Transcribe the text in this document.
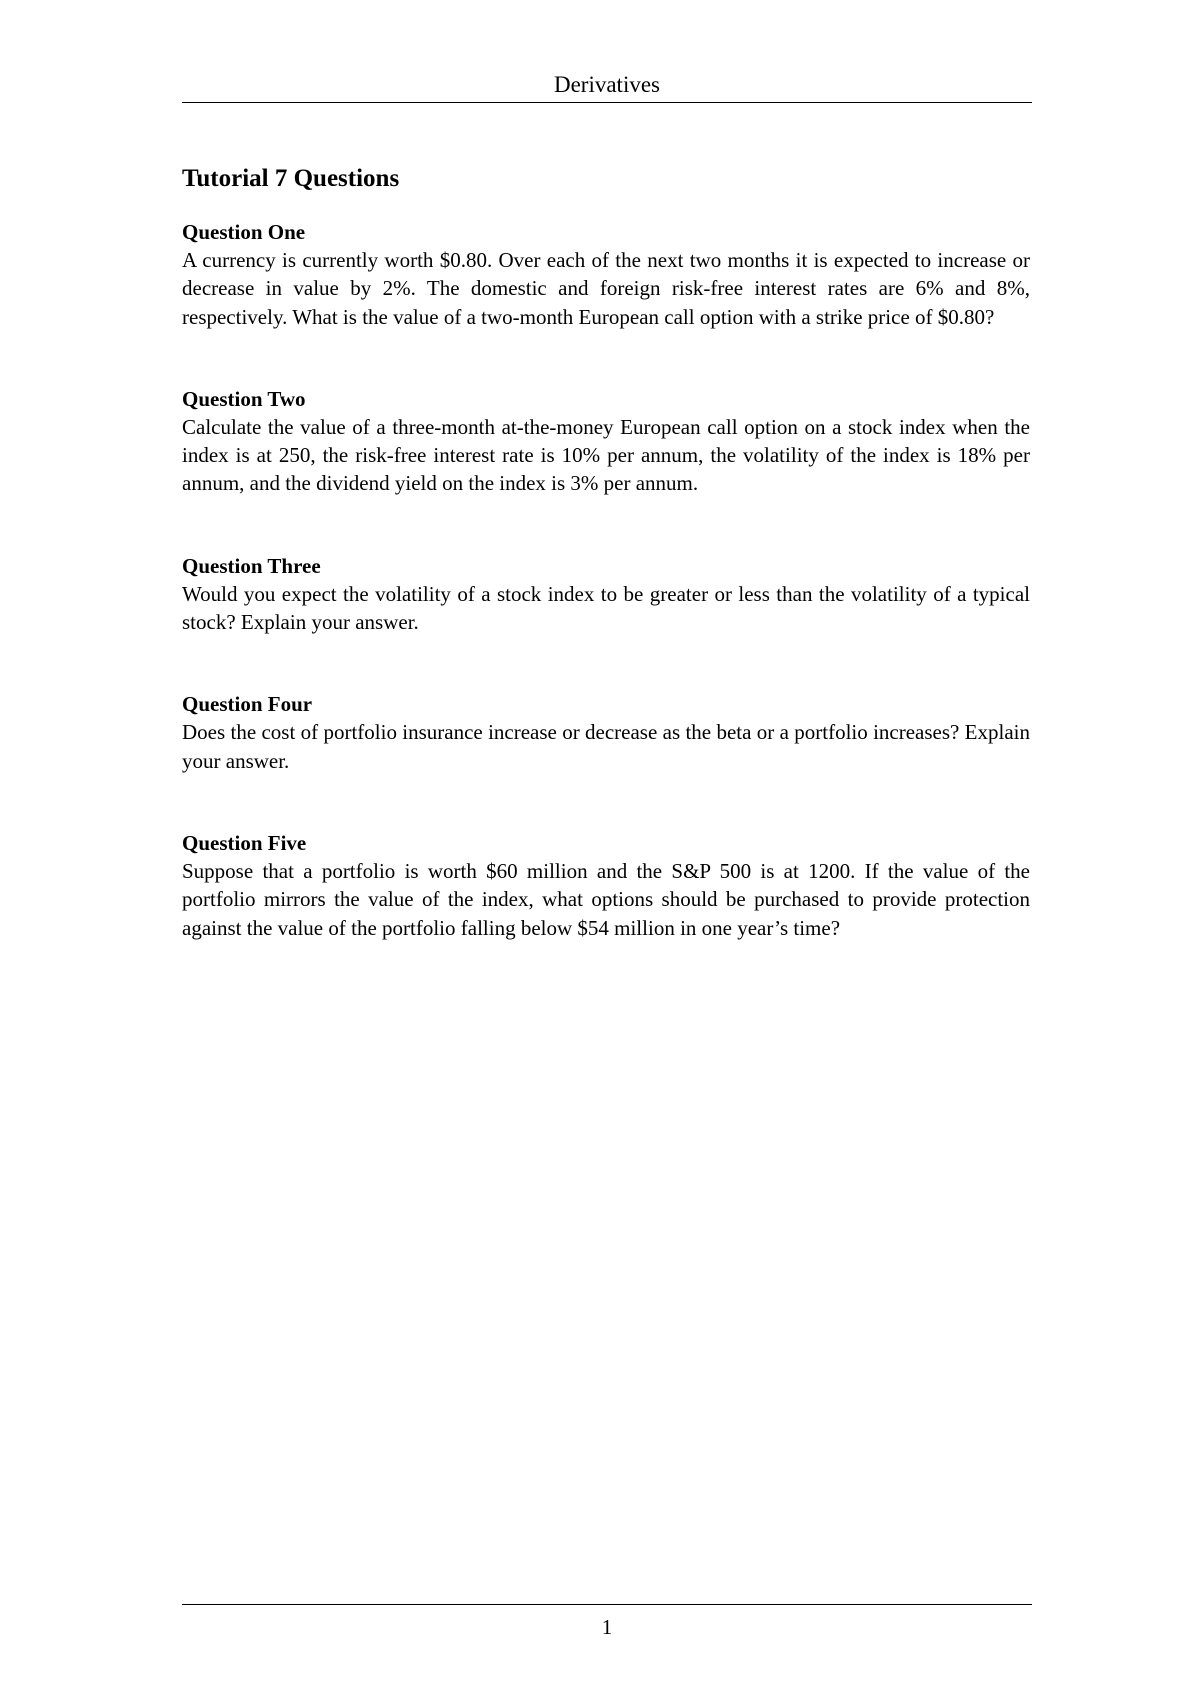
Derivatives
Tutorial 7 Questions
Question One
A currency is currently worth $0.80. Over each of the next two months it is expected to increase or decrease in value by 2%. The domestic and foreign risk-free interest rates are 6% and 8%, respectively. What is the value of a two-month European call option with a strike price of $0.80?
Question Two
Calculate the value of a three-month at-the-money European call option on a stock index when the index is at 250, the risk-free interest rate is 10% per annum, the volatility of the index is 18% per annum, and the dividend yield on the index is 3% per annum.
Question Three
Would you expect the volatility of a stock index to be greater or less than the volatility of a typical stock? Explain your answer.
Question Four
Does the cost of portfolio insurance increase or decrease as the beta or a portfolio increases? Explain your answer.
Question Five
Suppose that a portfolio is worth $60 million and the S&P 500 is at 1200. If the value of the portfolio mirrors the value of the index, what options should be purchased to provide protection against the value of the portfolio falling below $54 million in one year’s time?
1
